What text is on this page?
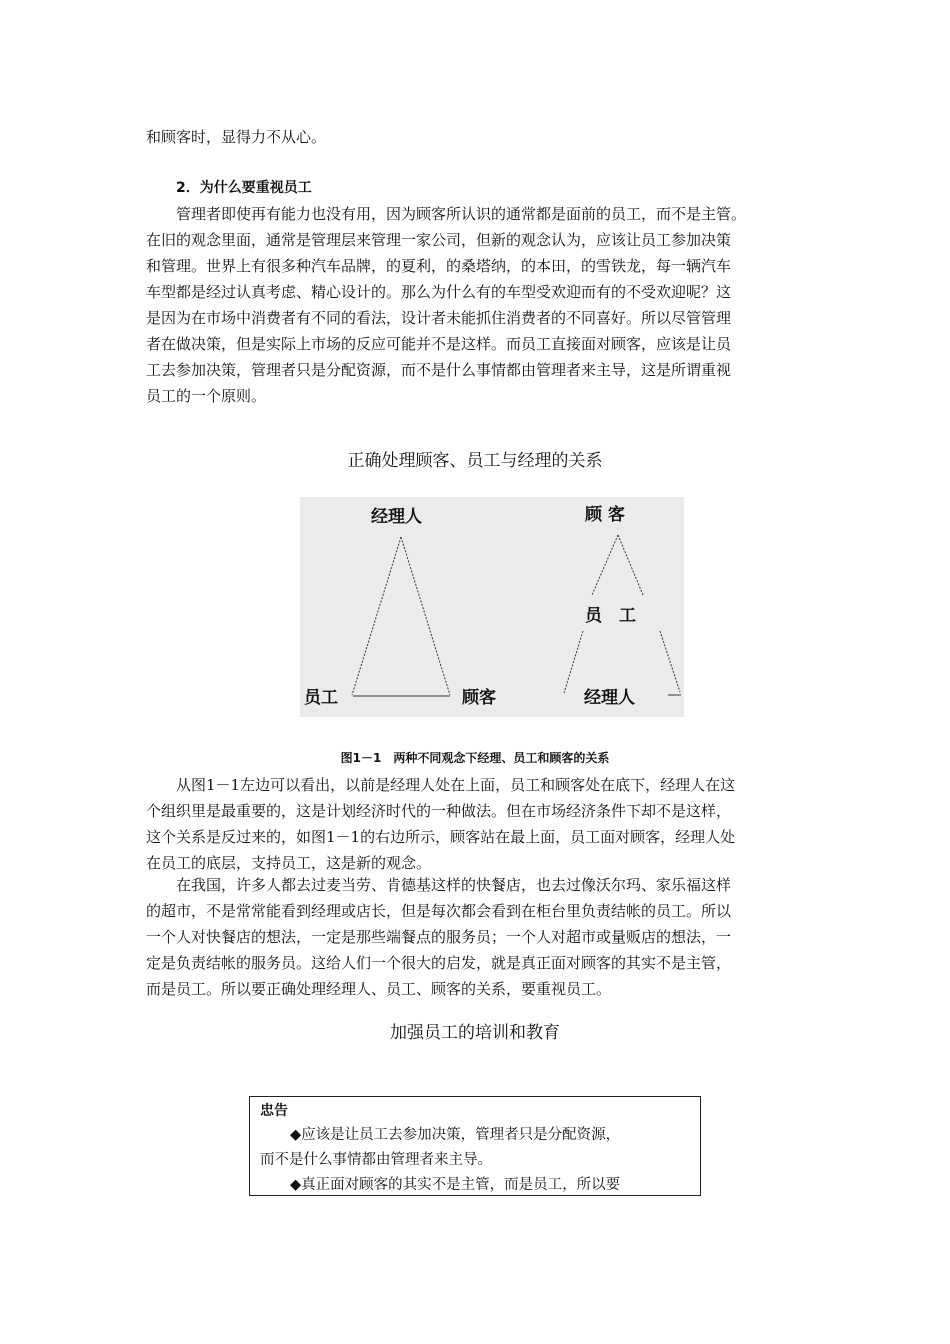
和顾客时，显得力不从心。

2．为什么要重视员工

管理者即使再有能力也没有用，因为顾客所认识的通常都是面前的员工，而不是主管。
在旧的观念里面，通常是管理层来管理一家公司，但新的观念认为，应该让员工参加决策
和管理。世界上有很多种汽车品牌，的夏利，的桑塔纳，的本田，的雪铁龙，每一辆汽车
车型都是经过认真考虑、精心设计的。那么为什么有的车型受欢迎而有的不受欢迎呢？这
是因为在市场中消费者有不同的看法，设计者未能抓住消费者的不同喜好。所以尽管管理
者在做决策，但是实际上市场的反应可能并不是这样。而员工直接面对顾客，应该是让员
工去参加决策，管理者只是分配资源，而不是什么事情都由管理者来主导，这是所谓重视
员工的一个原则。

正确处理顾客、员工与经理的关系
经理人
员工	顾客
顾 客
员　工
经理人
图1－1　两种不同观念下经理、员工和顾客的关系

从图1－1左边可以看出，以前是经理人处在上面，员工和顾客处在底下，经理人在这
个组织里是最重要的，这是计划经济时代的一种做法。但在市场经济条件下却不是这样，
这个关系是反过来的，如图1－1的右边所示，顾客站在最上面，员工面对顾客，经理人处
在员工的底层，支持员工，这是新的观念。

在我国，许多人都去过麦当劳、肯德基这样的快餐店，也去过像沃尔玛、家乐福这样
的超市，不是常常能看到经理或店长，但是每次都会看到在柜台里负责结帐的员工。所以
一个人对快餐店的想法，一定是那些端餐点的服务员；一个人对超市或量贩店的想法，一
定是负责结帐的服务员。这给人们一个很大的启发，就是真正面对顾客的其实不是主管，
而是员工。所以要正确处理经理人、员工、顾客的关系，要重视员工。

加强员工的培训和教育
忠告
◆应该是让员工去参加决策，管理者只是分配资源，
而不是什么事情都由管理者来主导。
◆真正面对顾客的其实不是主管，而是员工，所以要
